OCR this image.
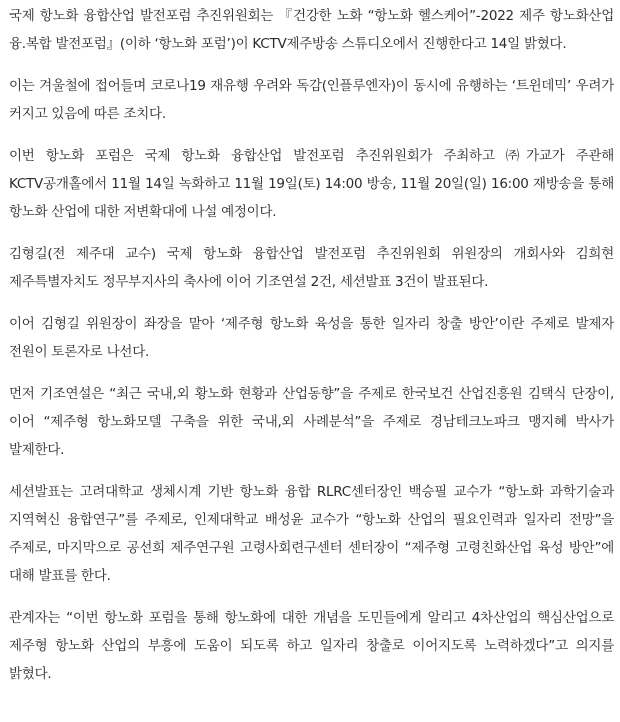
국제 항노화 융합산업 발전포럼 추진위원회는 『건강한 노화 “항노화 헬스케어”-2022 제주 항노화산업 융.복합 발전포럼』(이하 ‘항노화 포럼’)이 KCTV제주방송 스튜디오에서 진행한다고 14일 밝혔다.

이는 겨울철에 접어들며 코로나19 재유행 우려와 독감(인플루엔자)이 동시에 유행하는 ‘트윈데믹’ 우려가 커지고 있음에 따른 조치다.

이번 항노화 포럼은 국제 항노화 융합산업 발전포럼 추진위원회가 주최하고 ㈜가교가 주관해 KCTV공개홀에서 11월 14일 녹화하고 11월 19일(토) 14:00 방송, 11월 20일(일) 16:00 재방송을 통해 항노화 산업에 대한 저변확대에 나설 예정이다.

김형길(전 제주대 교수) 국제 항노화 융합산업 발전포럼 추진위원회 위원장의 개회사와 김희현 제주특별자치도 정무부지사의 축사에 이어 기조연설 2건, 세션발표 3건이 발표된다.

이어 김형길 위원장이 좌장을 맡아 ‘제주형 항노화 육성을 통한 일자리 창출 방안’이란 주제로 발제자 전원이 토론자로 나선다.

먼저 기조연설은 “최근 국내,외 황노화 현황과 산업동향”을 주제로 한국보건 산업진흥원 김택식 단장이, 이어 “제주형 항노화모델 구축을 위한 국내,외 사례분석”을 주제로 경남테크노파크 맹지혜 박사가 발제한다.

세션발표는 고려대학교 생체시계 기반 항노화 융합 RLRC센터장인 백승필 교수가 “항노화 과학기술과 지역혁신 융합연구”를 주제로, 인제대학교 배성윤 교수가 “항노화 산업의 필요인력과 일자리 전망”을 주제로, 마지막으로 공선희 제주연구원 고령사회련구센터 센터장이 “제주형 고령친화산업 육성 방안”에 대해 발표를 한다.

관계자는 “이번 항노화 포럼을 통해 항노화에 대한 개념을 도민들에게 알리고 4차산업의 핵심산업으로 제주형 항노화 산업의 부흥에 도움이 되도록 하고 일자리 창출로 이어지도록 노력하겠다”고 의지를 밝혔다.
